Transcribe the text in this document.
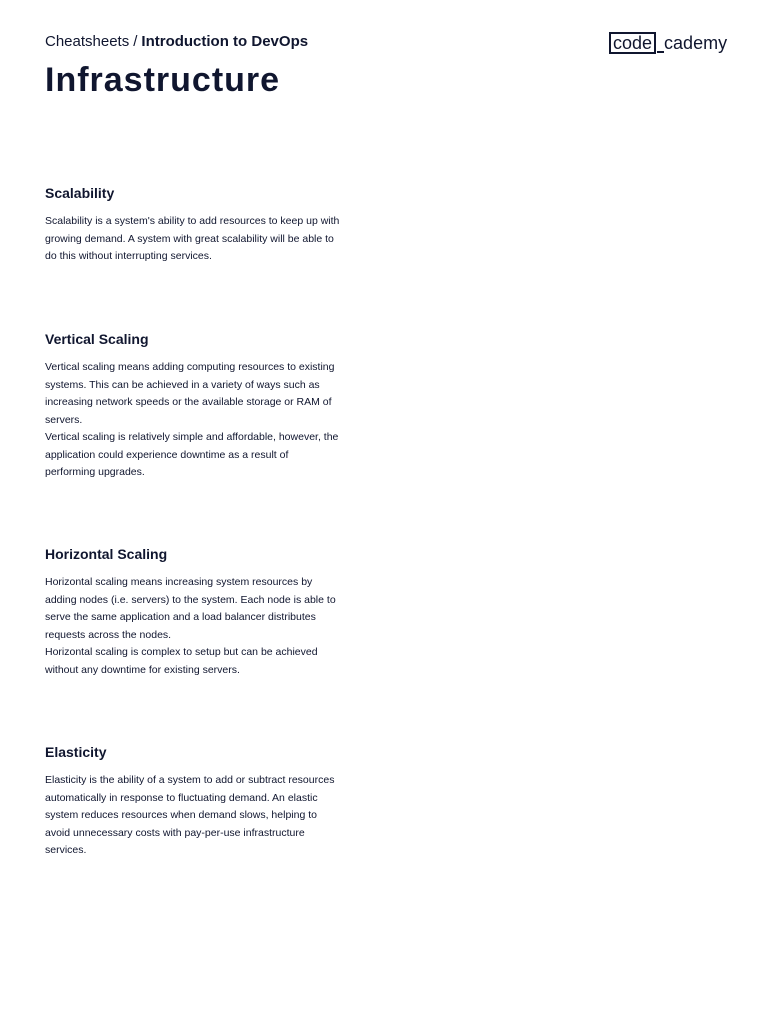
Cheatsheets / Introduction to DevOps	code cademy
Infrastructure
Scalability

Scalability is a system's ability to add resources to keep up with growing demand. A system with great scalability will be able to do this without interrupting services.

Vertical Scaling

Vertical scaling means adding computing resources to existing systems. This can be achieved in a variety of ways such as increasing network speeds or the available storage or RAM of servers.

Vertical scaling is relatively simple and affordable, however, the application could experience downtime as a result of performing upgrades.

Horizontal Scaling

Horizontal scaling means increasing system resources by adding nodes (i.e. servers) to the system. Each node is able to serve the same application and a load balancer distributes requests across the nodes.

Horizontal scaling is complex to setup but can be achieved without any downtime for existing servers.

Elasticity

Elasticity is the ability of a system to add or subtract resources automatically in response to fluctuating demand. An elastic system reduces resources when demand slows, helping to avoid unnecessary costs with pay-per-use infrastructure services.
